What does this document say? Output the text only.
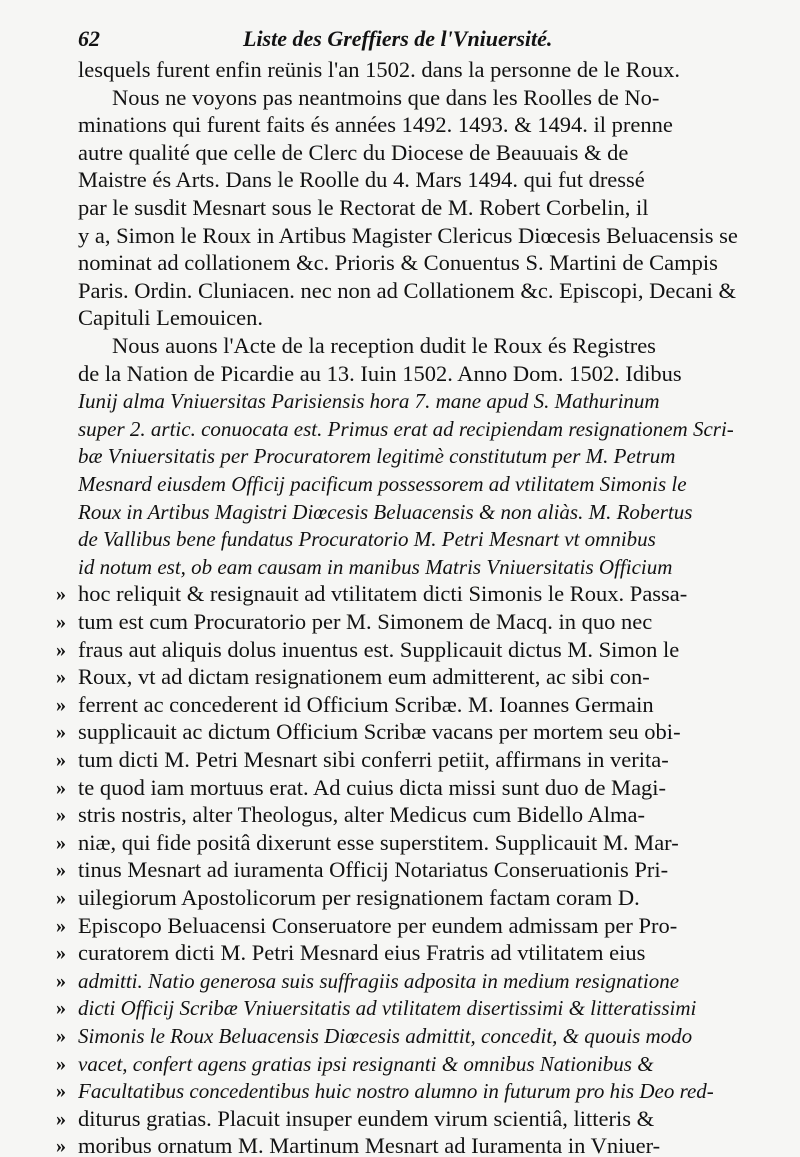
62	Liste des Greffiers de l'Vniuersité.
lesquels furent enfin reünis l'an 1502. dans la personne de le Roux.
Nous ne voyons pas neantmoins que dans les Roolles de No-
minations qui furent faits és années 1492. 1493. & 1494. il prenne
autre qualité que celle de Clerc du Diocese de Beauuais & de
Maistre és Arts. Dans le Roolle du 4. Mars 1494. qui fut dressé
par le susdit Mesnart sous le Rectorat de M. Robert Corbelin, il
y a, Simon le Roux in Artibus Magister Clericus Diœcesis Beluacensis se
nominat ad collationem &c. Prioris & Conuentus S. Martini de Campis
Paris. Ordin. Cluniacen. nec non ad Collationem &c. Episcopi, Decani &
Capituli Lemouicen.
Nous auons l'Acte de la reception dudit le Roux és Registres
de la Nation de Picardie au 13. Iuin 1502. Anno Dom. 1502. Idibus
Iunij alma Vniuersitas Parisiensis hora 7. mane apud S. Mathurinum
super 2. artic. conuocata est. Primus erat ad recipiendam resignationem Scri-
bæ Vniuersitatis per Procuratorem legitimè constitutum per M. Petrum
Mesnard eiusdem Officij pacificum possessorem ad vtilitatem Simonis le
Roux in Artibus Magistri Diœcesis Beluacensis & non aliàs. M. Robertus
de Vallibus bene fundatus Procuratorio M. Petri Mesnart vt omnibus
id notum est, ob eam causam in manibus Matris Vniuersitatis Officium
hoc reliquit & resignauit ad vtilitatem dicti Simonis le Roux. Passa-
»
tum est cum Procuratorio per M. Simonem de Macq. in quo nec
»
fraus aut aliquis dolus inuentus est. Supplicauit dictus M. Simon le
»
Roux, vt ad dictam resignationem eum admitterent, ac sibi con-
»
ferrent ac concederent id Officium Scribæ. M. Ioannes Germain
»
supplicauit ac dictum Officium Scribæ vacans per mortem seu obi-
»
tum dicti M. Petri Mesnart sibi conferri petiit, affirmans in verita-
»
te quod iam mortuus erat. Ad cuius dicta missi sunt duo de Magi-
»
stris nostris, alter Theologus, alter Medicus cum Bidello Alma-
»
niæ, qui fide positâ dixerunt esse superstitem. Supplicauit M. Mar-
»
tinus Mesnart ad iuramenta Officij Notariatus Conseruationis Pri-
»
uilegiorum Apostolicorum per resignationem factam coram D.
»
Episcopo Beluacensi Conseruatore per eundem admissam per Pro-
»
curatorem dicti M. Petri Mesnard eius Fratris ad vtilitatem eius
»
admitti. Natio generosa suis suffragiis adposita in medium resignatione
»
dicti Officij Scribæ Vniuersitatis ad vtilitatem disertissimi & litteratissimi
»
Simonis le Roux Beluacensis Diœcesis admittit, concedit, & quouis modo
»
vacet, confert agens gratias ipsi resignanti & omnibus Nationibus &
»
Facultatibus concedentibus huic nostro alumno in futurum pro his Deo red-
»
diturus gratias. Placuit insuper eundem virum scientiâ, litteris &
»
moribus ornatum M. Martinum Mesnart ad Iuramenta in Vniuer-
»
